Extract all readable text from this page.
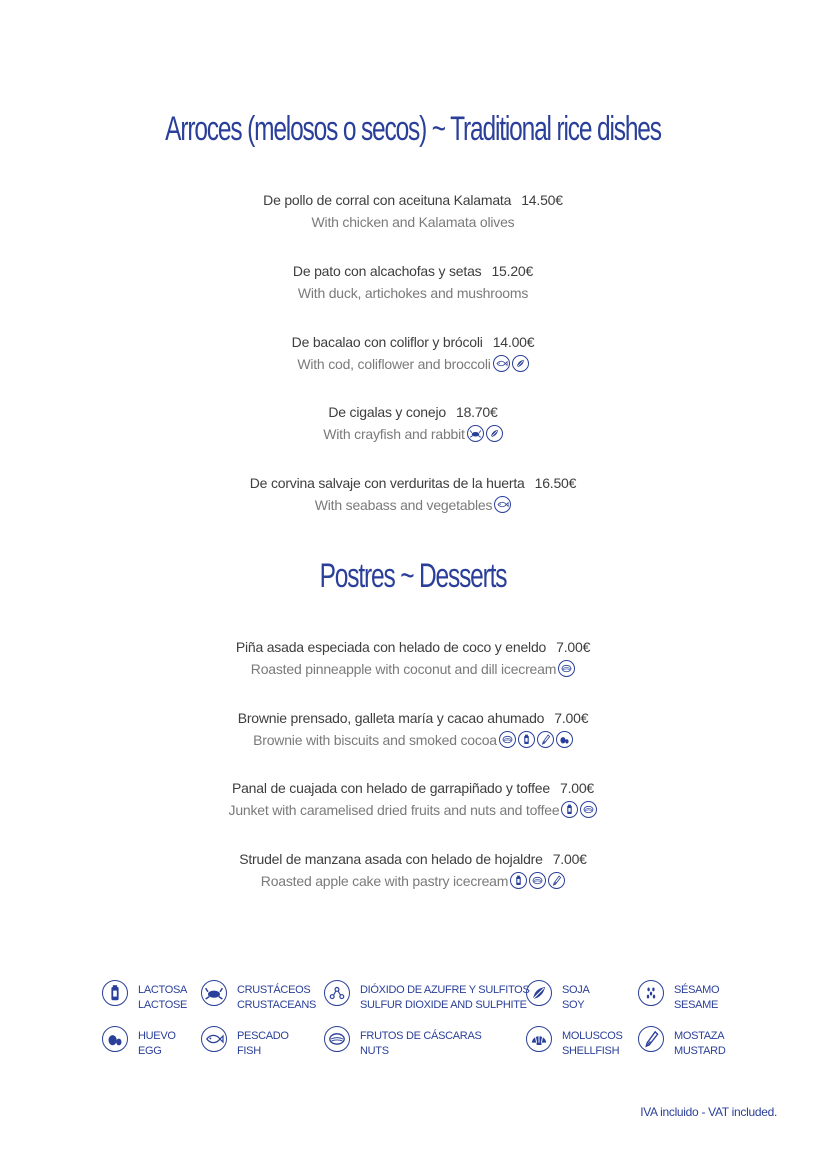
Arroces (melosos o secos) ~ Traditional rice dishes
De pollo de corral con aceituna Kalamata 14.50€
With chicken and Kalamata olives
De pato con alcachofas y setas 15.20€
With duck, artichokes and mushrooms
De bacalao con coliflor y brócoli 14.00€
With cod, coliflower and broccoli
De cigalas y conejo 18.70€
With crayfish and rabbit
De corvina salvaje con verduritas de la huerta 16.50€
With seabass and vegetables
Postres ~ Desserts
Piña asada especiada con helado de coco y eneldo 7.00€
Roasted pinneapple with coconut and dill icecream
Brownie prensado, galleta maría y cacao ahumado 7.00€
Brownie with biscuits and smoked cocoa
Panal de cuajada con helado de garrapiñado y toffee 7.00€
Junket with caramelised dried fruits and nuts and toffee
Strudel de manzana asada con helado de hojaldre 7.00€
Roasted apple cake with pastry icecream
LACTOSA
LACTOSE
CRUSTÁCEOS
CRUSTACEANS
DIÓXIDO DE AZUFRE Y SULFITOS
SULFUR DIOXIDE AND SULPHITE
SOJA
SOY
SÉSAMO
SESAME
HUEVO
EGG
PESCADO
FISH
FRUTOS DE CÁSCARAS
NUTS
MOLUSCOS
SHELLFISH
MOSTAZA
MUSTARD
IVA incluido - VAT included.
